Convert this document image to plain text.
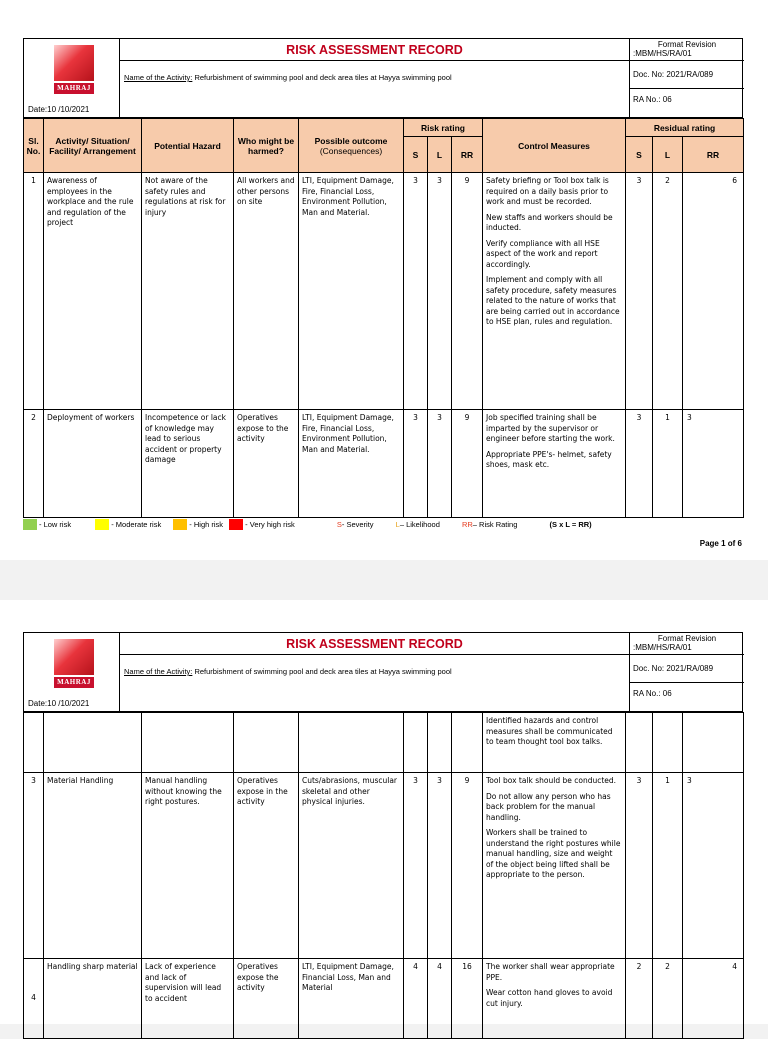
MAHRAJ
Date:10 /10/2021
RISK ASSESSMENT RECORD
Name of the Activity: Refurbishment of swimming pool and deck area tiles at Hayya swimming pool
Format Revision
:MBM/HS/RA/01
Doc. No: 2021/RA/089
RA No.: 06
Sl. No.	Activity/ Situation/ Facility/ Arrangement	Potential Hazard	Who might be harmed?	Possible outcome
(Consequences)	Risk rating			Control Measures	Residual rating		
					S	L	RR		S	L	RR
1	Awareness of employees in the workplace and the rule and regulation of the project	Not aware of the safety rules and regulations at risk for injury	All workers and other persons on site	LTI, Equipment Damage, Fire, Financial Loss, Environment Pollution, Man and Material.	3	3	9	Safety briefing or Tool box talk is required on a daily basis prior to work and must be recorded.

New staffs and workers should be inducted.

Verify compliance with all HSE aspect of the work and report accordingly.

Implement and comply with all safety procedure, safety measures related to the nature of works that are being carried out in accordance to HSE plan, rules and regulation.	3	2	6
2	Deployment of workers	Incompetence or lack of knowledge may lead to serious accident or property damage	Operatives expose to the activity	LTI, Equipment Damage, Fire, Financial Loss, Environment Pollution, Man and Material.	3	3	9	Job specified training shall be imparted by the supervisor or engineer before starting the work.

Appropriate PPE's- helmet, safety shoes, mask etc.	3	1	3
- Low risk	- Moderate risk	- High risk	- Very high risk	S- Severity	L– Likelihood	RR– Risk Rating	(S x L = RR)
Page 1 of 6
MAHRAJ
Date:10 /10/2021
RISK ASSESSMENT RECORD
Name of the Activity: Refurbishment of swimming pool and deck area tiles at Hayya swimming pool
Format Revision
:MBM/HS/RA/01
Doc. No: 2021/RA/089
RA No.: 06

								Identified hazards and control measures shall be communicated to team thought tool box talks.			

3	Material Handling	Manual handling without knowing the right postures.	Operatives expose in the activity	Cuts/abrasions, muscular skeletal and other physical injuries.	3	3	9	Tool box talk should be conducted.

Do not allow any person who has back problem for the manual handling.

Workers shall be trained to understand the right postures while manual handling, size and weight of the object being lifted shall be appropriate to the person.	3	1	3
4	Handling sharp material	Lack of experience and lack of supervision will lead to accident	Operatives expose the activity	LTI, Equipment Damage, Financial Loss, Man and Material	4	4	16	The worker shall wear appropriate PPE.

Wear cotton hand gloves to avoid cut injury.	2	2	4
